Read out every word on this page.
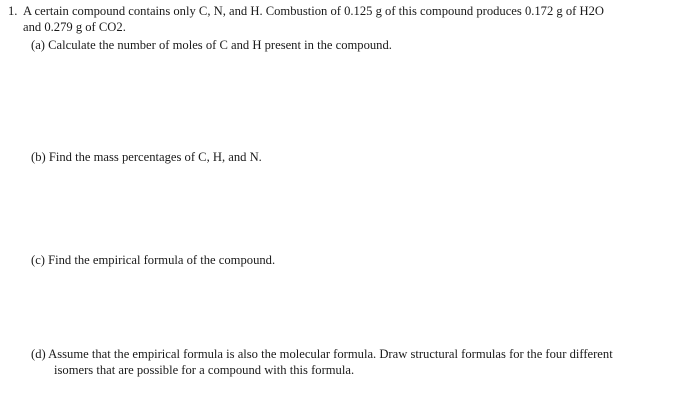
1. A certain compound contains only C, N, and H. Combustion of 0.125 g of this compound produces 0.172 g of H2O
and 0.279 g of CO2.
(a) Calculate the number of moles of C and H present in the compound.
(b) Find the mass percentages of C, H, and N.
(c) Find the empirical formula of the compound.
(d) Assume that the empirical formula is also the molecular formula. Draw structural formulas for the four different
isomers that are possible for a compound with this formula.
